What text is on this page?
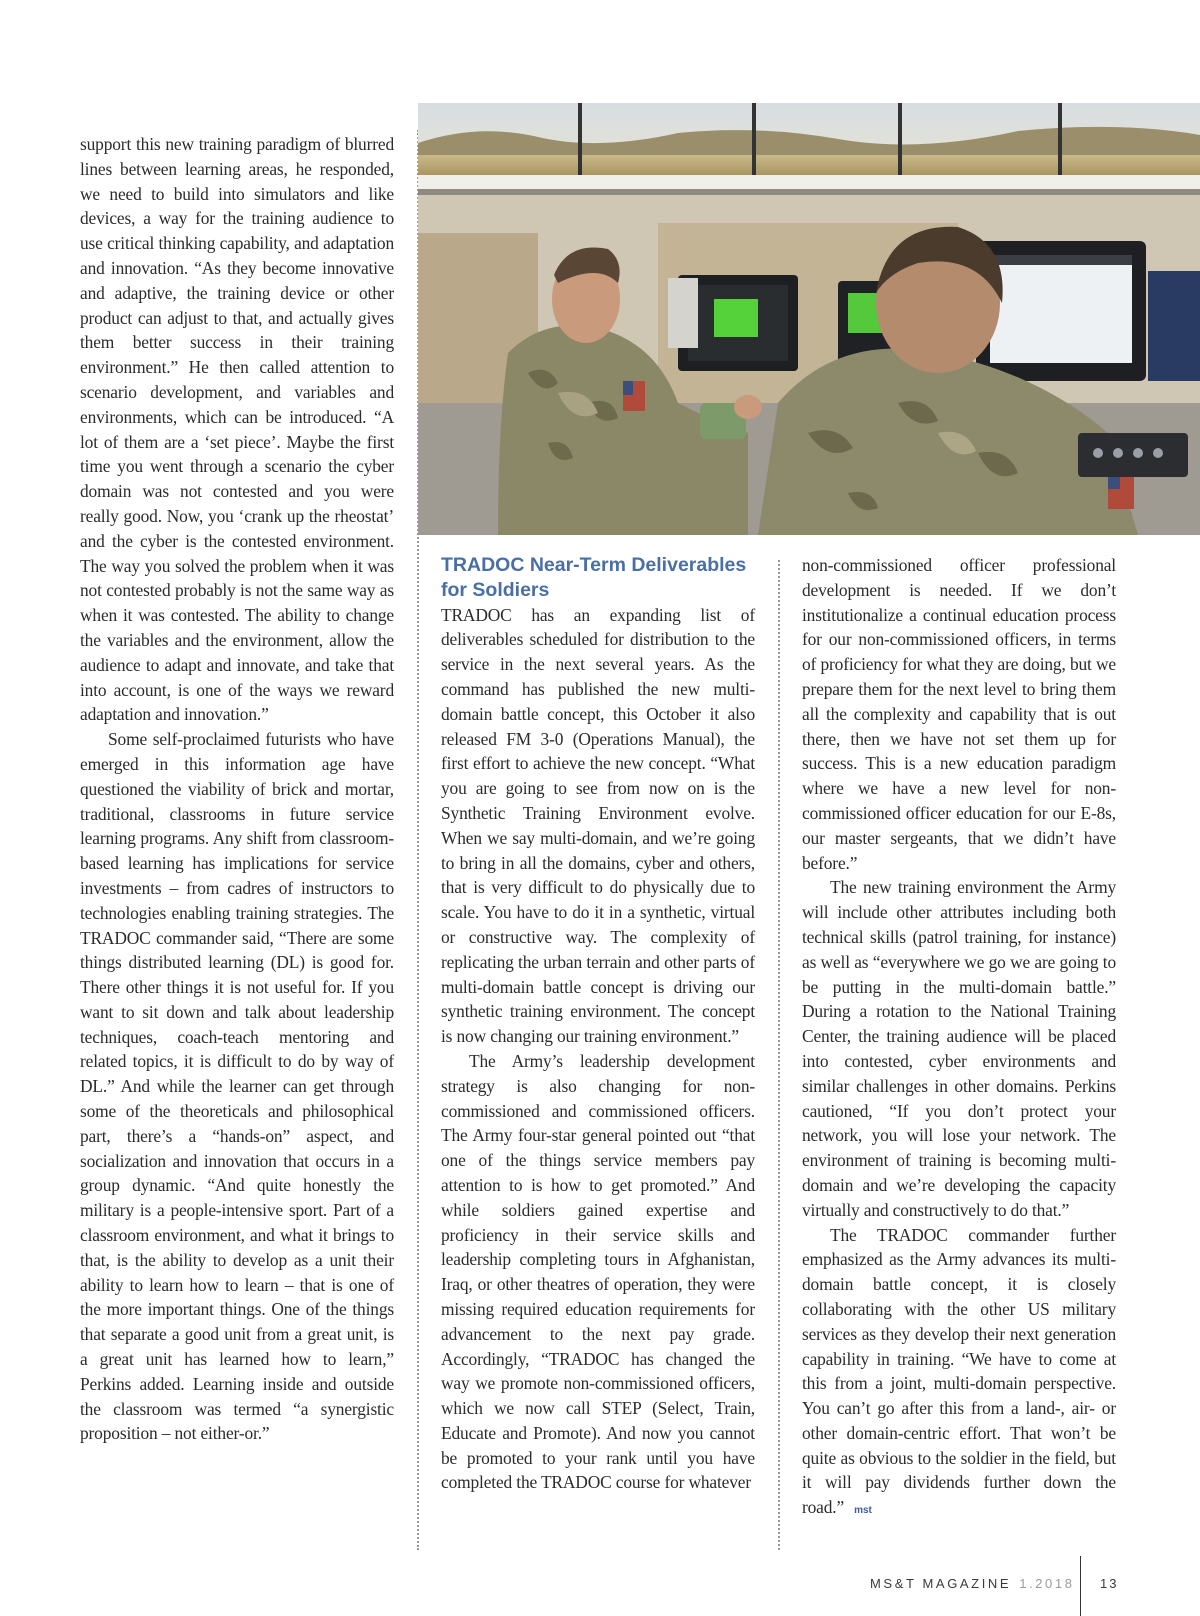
support this new training paradigm of blurred lines between learning areas, he responded, we need to build into simulators and like devices, a way for the training audience to use critical thinking capability, and adaptation and innovation. “As they become innovative and adaptive, the training device or other product can adjust to that, and actually gives them better success in their training environment.” He then called attention to scenario development, and variables and environments, which can be introduced. “A lot of them are a ‘set piece’. Maybe the first time you went through a scenario the cyber domain was not contested and you were really good. Now, you ‘crank up the rheostat’ and the cyber is the contested environment. The way you solved the problem when it was not contested probably is not the same way as when it was contested. The ability to change the variables and the environment, allow the audience to adapt and innovate, and take that into account, is one of the ways we reward adaptation and innovation.”

Some self-proclaimed futurists who have emerged in this information age have questioned the viability of brick and mortar, traditional, classrooms in future service learning programs. Any shift from classroom-based learning has implications for service investments – from cadres of instructors to technologies enabling training strategies. The TRADOC commander said, “There are some things distributed learning (DL) is good for. There other things it is not useful for. If you want to sit down and talk about leadership techniques, coach-teach mentoring and related topics, it is difficult to do by way of DL.” And while the learner can get through some of the theoreticals and philosophical part, there’s a “hands-on” aspect, and socialization and innovation that occurs in a group dynamic. “And quite honestly the military is a people-intensive sport. Part of a classroom environment, and what it brings to that, is the ability to develop as a unit their ability to learn how to learn – that is one of the more important things. One of the things that separate a good unit from a great unit, is a great unit has learned how to learn,” Perkins added. Learning inside and outside the classroom was termed “a synergistic proposition – not either-or.”

TRADOC Near-Term Deliverables for Soldiers

TRADOC has an expanding list of deliverables scheduled for distribution to the service in the next several years. As the command has published the new multi-domain battle concept, this October it also released FM 3-0 (Operations Manual), the first effort to achieve the new concept. “What you are going to see from now on is the Synthetic Training Environment evolve. When we say multi-domain, and we’re going to bring in all the domains, cyber and others, that is very difficult to do physically due to scale. You have to do it in a synthetic, virtual or constructive way. The complexity of replicating the urban terrain and other parts of multi-domain battle concept is driving our synthetic training environment. The concept is now changing our training environment.”

The Army’s leadership development strategy is also changing for non-commissioned and commissioned officers. The Army four-star general pointed out “that one of the things service members pay attention to is how to get promoted.” And while soldiers gained expertise and proficiency in their service skills and leadership completing tours in Afghanistan, Iraq, or other theatres of operation, they were missing required education requirements for advancement to the next pay grade. Accordingly, “TRADOC has changed the way we promote non-commissioned officers, which we now call STEP (Select, Train, Educate and Promote). And now you cannot be promoted to your rank until you have completed the TRADOC course for whatever

non-commissioned officer professional development is needed. If we don’t institutionalize a continual education process for our non-commissioned officers, in terms of proficiency for what they are doing, but we prepare them for the next level to bring them all the complexity and capability that is out there, then we have not set them up for success. This is a new education paradigm where we have a new level for non-commissioned officer education for our E-8s, our master sergeants, that we didn’t have before.”

The new training environment the Army will include other attributes including both technical skills (patrol training, for instance) as well as “everywhere we go we are going to be putting in the multi-domain battle.” During a rotation to the National Training Center, the training audience will be placed into contested, cyber environments and similar challenges in other domains. Perkins cautioned, “If you don’t protect your network, you will lose your network. The environment of training is becoming multi-domain and we’re developing the capacity virtually and constructively to do that.”

The TRADOC commander further emphasized as the Army advances its multi-domain battle concept, it is closely collaborating with the other US military services as they develop their next generation capability in training. “We have to come at this from a joint, multi-domain perspective. You can’t go after this from a land-, air- or other domain-centric effort. That won’t be quite as obvious to the soldier in the field, but it will pay dividends further down the road.” mst

MS&T MAGAZINE 1.2018 13
